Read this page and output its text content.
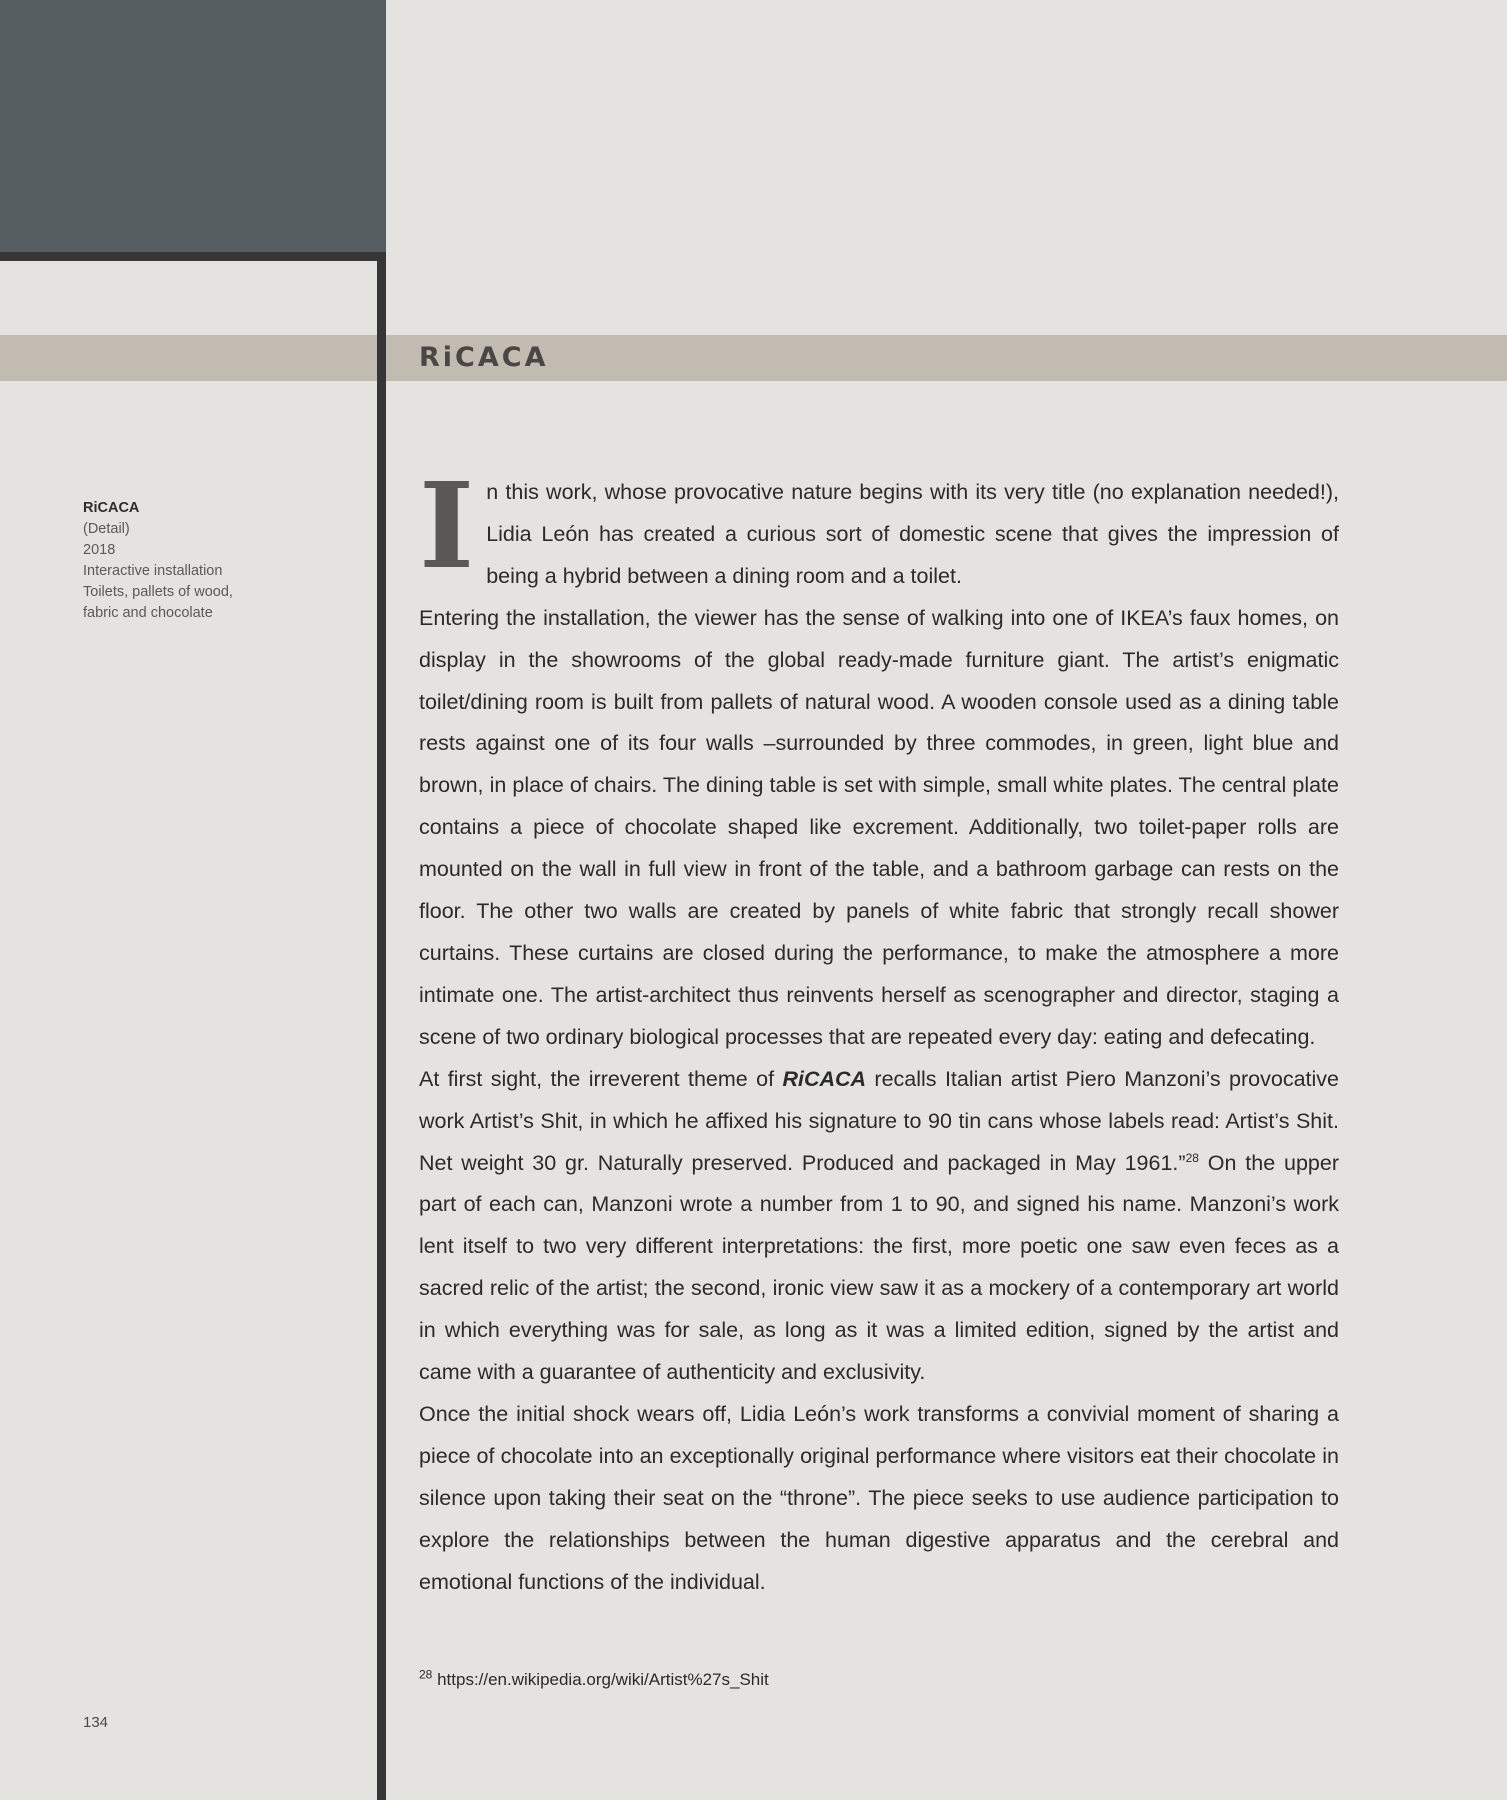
RiCACA
RiCACA
(Detail)
2018
Interactive installation
Toilets, pallets of wood,
fabric and chocolate

In this work, whose provocative nature begins with its very title (no explanation needed!), Lidia León has created a curious sort of domestic scene that gives the impression of being a hybrid between a dining room and a toilet.

Entering the installation, the viewer has the sense of walking into one of IKEA’s faux homes, on display in the showrooms of the global ready-made furniture giant. The artist’s enigmatic toilet/dining room is built from pallets of natural wood. A wooden console used as a dining table rests against one of its four walls –surrounded by three commodes, in green, light blue and brown, in place of chairs. The dining table is set with simple, small white plates. The central plate contains a piece of chocolate shaped like excrement. Additionally, two toilet-paper rolls are mounted on the wall in full view in front of the table, and a bathroom garbage can rests on the floor. The other two walls are created by panels of white fabric that strongly recall shower curtains. These curtains are closed during the performance, to make the atmosphere a more intimate one. The artist-architect thus reinvents herself as scenographer and director, staging a scene of two ordinary biological processes that are repeated every day: eating and defecating.

At first sight, the irreverent theme of RiCACA recalls Italian artist Piero Manzoni’s provocative work Artist’s Shit, in which he affixed his signature to 90 tin cans whose labels read: Artist’s Shit. Net weight 30 gr. Naturally preserved. Produced and packaged in May 1961.”$^{28}$ On the upper part of each can, Manzoni wrote a number from 1 to 90, and signed his name. Manzoni’s work lent itself to two very different interpretations: the first, more poetic one saw even feces as a sacred relic of the artist; the second, ironic view saw it as a mockery of a contemporary art world in which everything was for sale, as long as it was a limited edition, signed by the artist and came with a guarantee of authenticity and exclusivity.

Once the initial shock wears off, Lidia León’s work transforms a convivial moment of sharing a piece of chocolate into an exceptionally original performance where visitors eat their chocolate in silence upon taking their seat on the “throne”. The piece seeks to use audience participation to explore the relationships between the human digestive apparatus and the cerebral and emotional functions of the individual.

$^{28}$ https://en.wikipedia.org/wiki/Artist%27s_Shit
134
